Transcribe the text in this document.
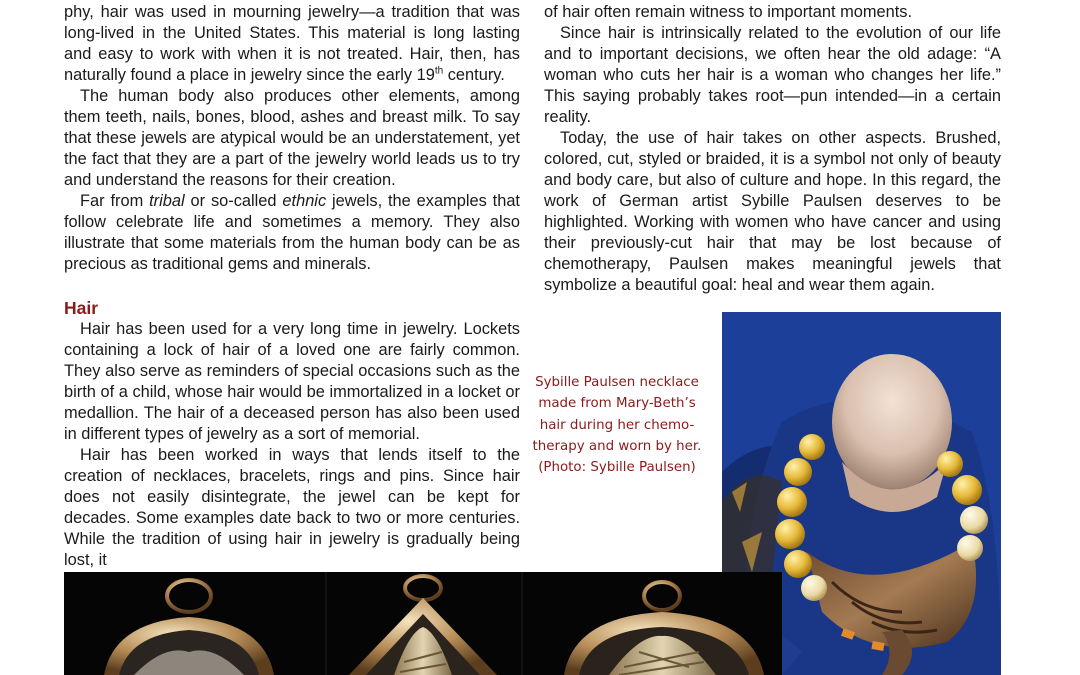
phy, hair was used in mourning jewelry—a tradition that was long-lived in the United States. This material is long lasting and easy to work with when it is not treated. Hair, then, has naturally found a place in jewelry since the early 19th century.

The human body also produces other elements, among them teeth, nails, bones, blood, ashes and breast milk. To say that these jewels are atypical would be an understatement, yet the fact that they are a part of the jewelry world leads us to try and understand the reasons for their creation.

Far from tribal or so-called ethnic jewels, the examples that follow celebrate life and sometimes a memory. They also illustrate that some materials from the human body can be as precious as traditional gems and minerals.

Hair

Hair has been used for a very long time in jewelry. Lockets containing a lock of hair of a loved one are fairly common. They also serve as reminders of special occasions such as the birth of a child, whose hair would be immortalized in a locket or medallion. The hair of a deceased person has also been used in different types of jewelry as a sort of memorial.

Hair has been worked in ways that lends itself to the creation of necklaces, bracelets, rings and pins. Since hair does not easily disintegrate, the jewel can be kept for decades. Some examples date back to two or more centuries. While the tradition of using hair in jewelry is gradually being lost, it

of hair often remain witness to important moments.

Since hair is intrinsically related to the evolution of our life and to important decisions, we often hear the old adage: “A woman who cuts her hair is a woman who changes her life.” This saying probably takes root—pun intended—in a certain reality.

Today, the use of hair takes on other aspects. Brushed, colored, cut, styled or braided, it is a symbol not only of beauty and body care, but also of culture and hope. In this regard, the work of German artist Sybille Paulsen deserves to be highlighted. Working with women who have cancer and using their previously-cut hair that may be lost because of chemotherapy, Paulsen makes meaningful jewels that symbolize a beautiful goal: heal and wear them again.

Sybille Paulsen necklace
made from Mary-Beth’s
hair during her chemo-
therapy and worn by her.
(Photo: Sybille Paulsen)
